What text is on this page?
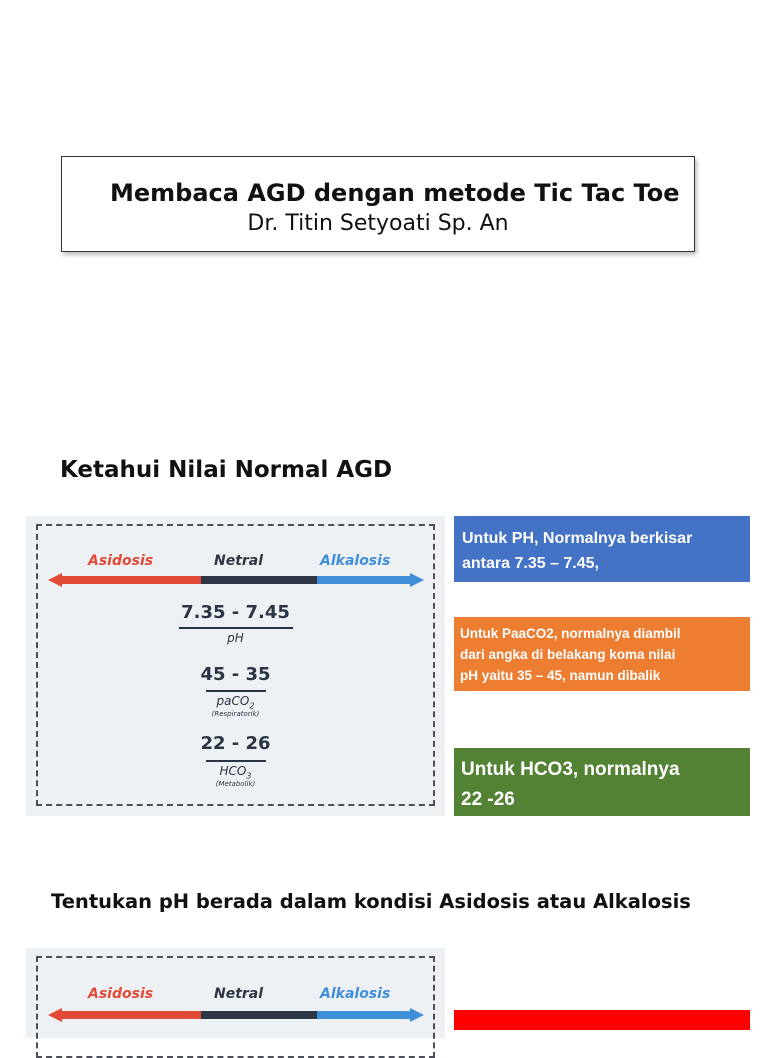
Membaca AGD dengan metode Tic Tac Toe
Dr. Titin Setyoati Sp. An
Ketahui Nilai Normal AGD
Asidosis	Netral	Alkalosis
7.35 - 7.45
pH
45 - 35
paCO$_2$
(Respiratorik)
22 - 26
$HCO_3$
(Metabolik)
Untuk PH, Normalnya berkisar
antara 7.35 – 7.45,
Untuk PaaCO2, normalnya diambil
dari angka di belakang koma nilai
pH yaitu 35 – 45, namun dibalik
Untuk HCO3, normalnya
22 -26
Tentukan pH berada dalam kondisi Asidosis atau Alkalosis
Asidosis	Netral	Alkalosis
